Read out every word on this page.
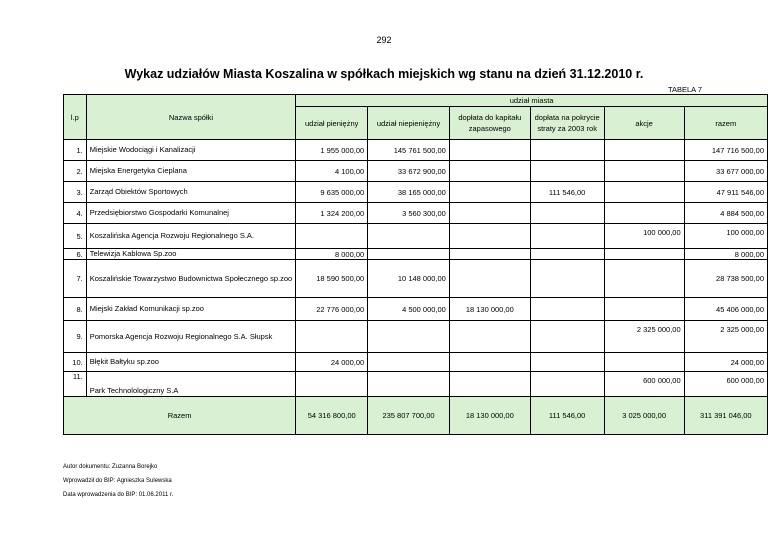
292
Wykaz udziałów Miasta Koszalina w spółkach miejskich wg stanu na dzień 31.12.2010 r.
TABELA 7
l.p	Nazwa spółki	udział miasta					
		udział pieniężny	udział niepieniężny	dopłata do kapitału zapasowego	dopłata na pokrycie straty za 2003 rok	akcje	razem
1.	Miejskie Wodociągi i Kanalizacji	1 955 000,00	145 761 500,00				147 716 500,00
2.	Miejska Energetyka Cieplana	4 100,00	33 672 900,00				33 677 000,00
3.	Zarząd Obiektów Sportowych	9 635 000,00	38 165 000,00		111 546,00		47 911 546,00
4.	Przedsiębiorstwo Gospodarki Komunalnej	1 324 200,00	3 560 300,00				4 884 500,00
5.	Koszalińska Agencja Rozwoju Regionalnego S.A.					100 000,00	100 000,00
6.	Telewizja Kablowa Sp.zoo	8 000,00					8 000,00
7.	Koszalińskie Towarzystwo Budownictwa Społecznego sp.zoo	18 590 500,00	10 148 000,00				28 738 500,00
8.	Miejski Zakład Komunikacji sp.zoo	22 776 000,00	4 500 000,00	18 130 000,00			45 406 000,00
9.	Pomorska Agencja Rozwoju Regionalnego S.A. Słupsk					2 325 000,00	2 325 000,00
10.	Błękit Bałtyku sp.zoo	24 000,00					24 000,00
11.	Park Technolologiczny S.A					600 000,00	600 000,00
Razem		54 316 800,00	235 807 700,00	18 130 000,00	111 546,00	3 025 000,00	311 391 046,00
Autor dokumentu: Zuzanna Borejko
Wprowadził do BIP: Agnieszka Sulewska
Data wprowadzenia do BIP: 01.06.2011 r.
